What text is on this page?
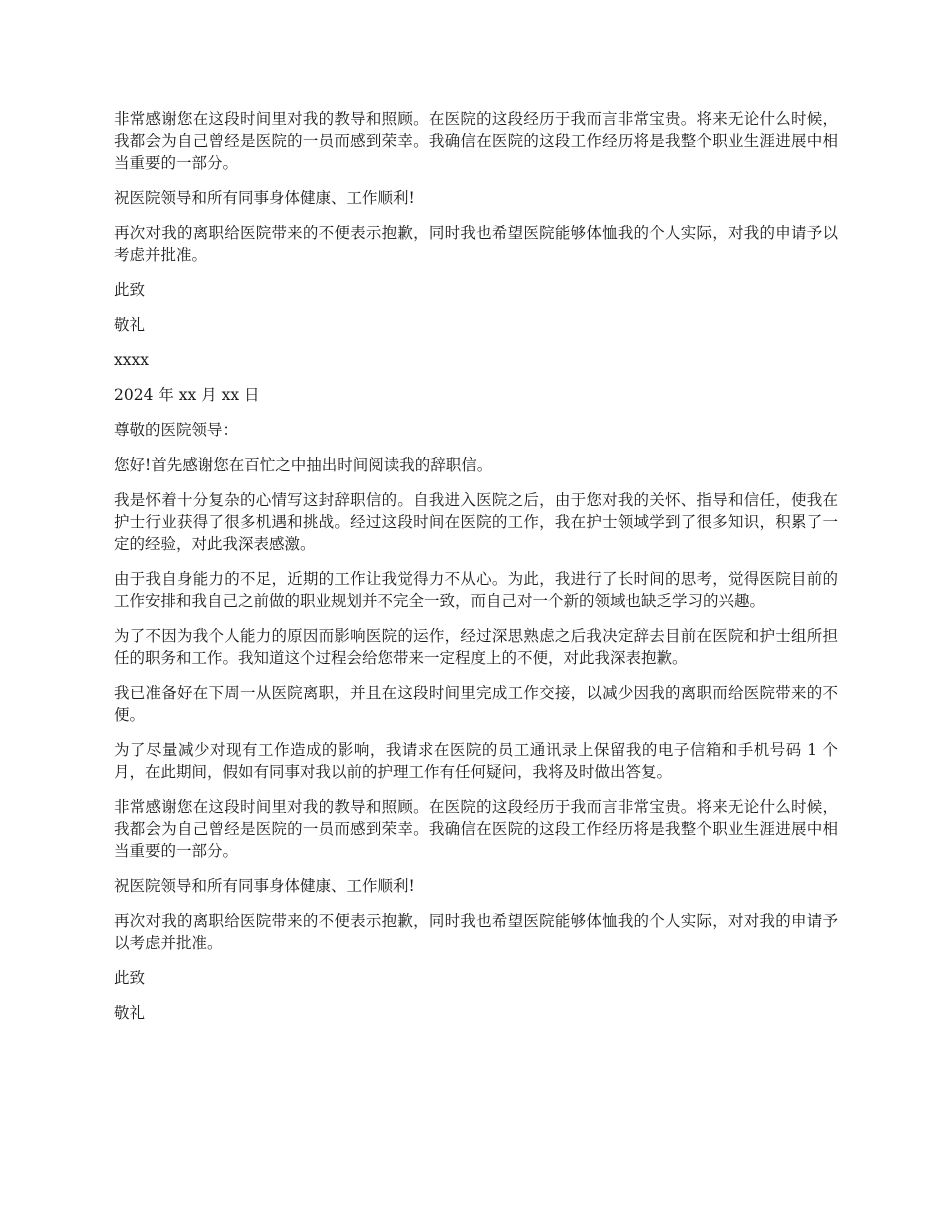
非常感谢您在这段时间里对我的教导和照顾。在医院的这段经历于我而言非常宝贵。将来无论什么时候，我都会为自己曾经是医院的一员而感到荣幸。我确信在医院的这段工作经历将是我整个职业生涯进展中相当重要的一部分。

祝医院领导和所有同事身体健康、工作顺利!

再次对我的离职给医院带来的不便表示抱歉，同时我也希望医院能够体恤我的个人实际，对我的申请予以考虑并批准。

此致

敬礼

xxxx

2024 年 xx 月 xx 日

尊敬的医院领导：

您好!首先感谢您在百忙之中抽出时间阅读我的辞职信。

我是怀着十分复杂的心情写这封辞职信的。自我进入医院之后，由于您对我的关怀、指导和信任，使我在护士行业获得了很多机遇和挑战。经过这段时间在医院的工作，我在护士领域学到了很多知识，积累了一定的经验，对此我深表感激。

由于我自身能力的不足，近期的工作让我觉得力不从心。为此，我进行了长时间的思考，觉得医院目前的工作安排和我自己之前做的职业规划并不完全一致，而自己对一个新的领域也缺乏学习的兴趣。

为了不因为我个人能力的原因而影响医院的运作，经过深思熟虑之后我决定辞去目前在医院和护士组所担任的职务和工作。我知道这个过程会给您带来一定程度上的不便，对此我深表抱歉。

我已准备好在下周一从医院离职，并且在这段时间里完成工作交接，以减少因我的离职而给医院带来的不便。

为了尽量减少对现有工作造成的影响，我请求在医院的员工通讯录上保留我的电子信箱和手机号码 1 个月，在此期间，假如有同事对我以前的护理工作有任何疑问，我将及时做出答复。

非常感谢您在这段时间里对我的教导和照顾。在医院的这段经历于我而言非常宝贵。将来无论什么时候，我都会为自己曾经是医院的一员而感到荣幸。我确信在医院的这段工作经历将是我整个职业生涯进展中相当重要的一部分。

祝医院领导和所有同事身体健康、工作顺利!

再次对我的离职给医院带来的不便表示抱歉，同时我也希望医院能够体恤我的个人实际，对对我的申请予以考虑并批准。

此致

敬礼
